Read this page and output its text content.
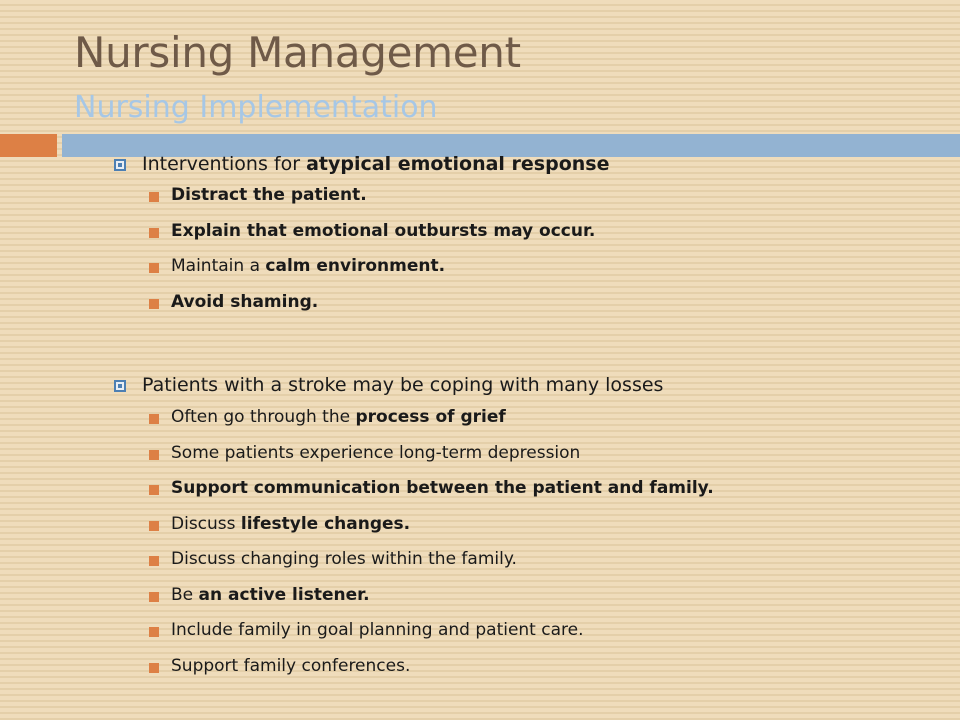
Nursing Management
Nursing Implementation
Interventions for atypical emotional response
Distract the patient.
Explain that emotional outbursts may occur.
Maintain a calm environment.
Avoid shaming.
Patients with a stroke may be coping with many losses
Often go through the process of grief
Some patients experience long-term depression
Support communication between the patient and family.
Discuss lifestyle changes.
Discuss changing roles within the family.
Be an active listener.
Include family in goal planning and patient care.
Support family conferences.
